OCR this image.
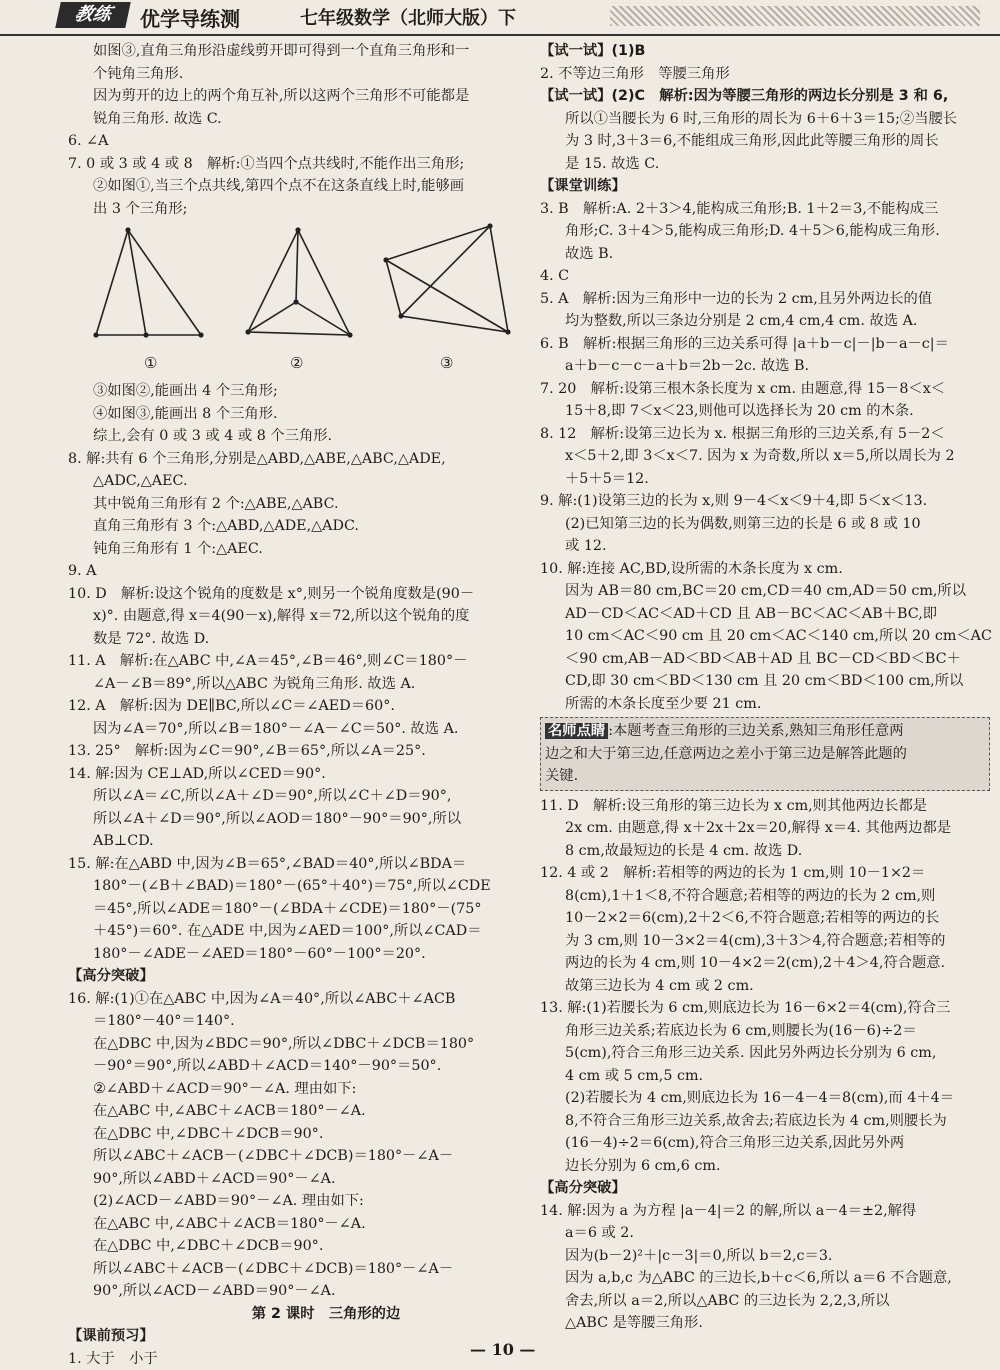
教练	优学导练测	七年级数学（北师大版）下
如图③,直角三角形沿虚线剪开即可得到一个直角三角形和一
个钝角三角形.
因为剪开的边上的两个角互补,所以这两个三角形不可能都是
锐角三角形. 故选 C.
6. ∠A
7. 0 或 3 或 4 或 8　解析:①当四个点共线时,不能作出三角形;
②如图①,当三个点共线,第四个点不在这条直线上时,能够画
出 3 个三角形;
①	②	③
③如图②,能画出 4 个三角形;
④如图③,能画出 8 个三角形.
综上,会有 0 或 3 或 4 或 8 个三角形.
8. 解:共有 6 个三角形,分别是△ABD,△ABE,△ABC,△ADE,
△ADC,△AEC.
其中锐角三角形有 2 个:△ABE,△ABC.
直角三角形有 3 个:△ABD,△ADE,△ADC.
钝角三角形有 1 个:△AEC.
9. A
10. D　解析:设这个锐角的度数是 x°,则另一个锐角度数是(90－
x)°. 由题意,得 x＝4(90－x),解得 x＝72,所以这个锐角的度
数是 72°. 故选 D.
11. A　解析:在△ABC 中,∠A＝45°,∠B＝46°,则∠C＝180°－
∠A－∠B＝89°,所以△ABC 为锐角三角形. 故选 A.
12. A　解析:因为 DE∥BC,所以∠C＝∠AED＝60°.
因为∠A＝70°,所以∠B＝180°－∠A－∠C＝50°. 故选 A.
13. 25°　解析:因为∠C＝90°,∠B＝65°,所以∠A＝25°.
14. 解:因为 CE⊥AD,所以∠CED＝90°.
所以∠A＝∠C,所以∠A＋∠D＝90°,所以∠C＋∠D＝90°,
所以∠A＋∠D＝90°,所以∠AOD＝180°－90°＝90°,所以
AB⊥CD.
15. 解:在△ABD 中,因为∠B＝65°,∠BAD＝40°,所以∠BDA＝
180°－(∠B＋∠BAD)＝180°－(65°＋40°)＝75°,所以∠CDE
＝45°,所以∠ADE＝180°－(∠BDA＋∠CDE)＝180°－(75°
＋45°)＝60°. 在△ADE 中,因为∠AED＝100°,所以∠CAD＝
180°－∠ADE－∠AED＝180°－60°－100°＝20°.
【高分突破】
16. 解:(1)①在△ABC 中,因为∠A＝40°,所以∠ABC＋∠ACB
＝180°－40°＝140°.
在△DBC 中,因为∠BDC＝90°,所以∠DBC＋∠DCB＝180°
－90°＝90°,所以∠ABD＋∠ACD＝140°－90°＝50°.
②∠ABD＋∠ACD＝90°－∠A. 理由如下:
在△ABC 中,∠ABC＋∠ACB＝180°－∠A.
在△DBC 中,∠DBC＋∠DCB＝90°.
所以∠ABC＋∠ACB－(∠DBC＋∠DCB)＝180°－∠A－
90°,所以∠ABD＋∠ACD＝90°－∠A.
(2)∠ACD－∠ABD＝90°－∠A. 理由如下:
在△ABC 中,∠ABC＋∠ACB＝180°－∠A.
在△DBC 中,∠DBC＋∠DCB＝90°.
所以∠ABC＋∠ACB－(∠DBC＋∠DCB)＝180°－∠A－
90°,所以∠ACD－∠ABD＝90°－∠A.
第 2 课时　三角形的边
【课前预习】
1. 大于　小于
【试一试】(1)B
2. 不等边三角形　等腰三角形
【试一试】(2)C　解析:因为等腰三角形的两边长分别是 3 和 6,
所以①当腰长为 6 时,三角形的周长为 6＋6＋3＝15;②当腰长
为 3 时,3＋3＝6,不能组成三角形,因此此等腰三角形的周长
是 15. 故选 C.
【课堂训练】
3. B　解析:A. 2＋3＞4,能构成三角形;B. 1＋2＝3,不能构成三
角形;C. 3＋4＞5,能构成三角形;D. 4＋5＞6,能构成三角形.
故选 B.
4. C
5. A　解析:因为三角形中一边的长为 2 cm,且另外两边长的值
均为整数,所以三条边分别是 2 cm,4 cm,4 cm. 故选 A.
6. B　解析:根据三角形的三边关系可得 |a＋b－c|－|b－a－c|＝
a＋b－c－c－a＋b＝2b－2c. 故选 B.
7. 20　解析:设第三根木条长度为 x cm. 由题意,得 15－8＜x＜
15＋8,即 7＜x＜23,则他可以选择长为 20 cm 的木条.
8. 12　解析:设第三边长为 x. 根据三角形的三边关系,有 5－2＜
x＜5＋2,即 3＜x＜7. 因为 x 为奇数,所以 x＝5,所以周长为 2
＋5＋5＝12.
9. 解:(1)设第三边的长为 x,则 9－4＜x＜9＋4,即 5＜x＜13.
(2)已知第三边的长为偶数,则第三边的长是 6 或 8 或 10
或 12.
10. 解:连接 AC,BD,设所需的木条长度为 x cm.
因为 AB＝80 cm,BC＝20 cm,CD＝40 cm,AD＝50 cm,所以
AD－CD＜AC＜AD＋CD 且 AB－BC＜AC＜AB＋BC,即
10 cm＜AC＜90 cm 且 20 cm＜AC＜140 cm,所以 20 cm＜AC
＜90 cm,AB－AD＜BD＜AB＋AD 且 BC－CD＜BD＜BC＋
CD,即 30 cm＜BD＜130 cm 且 20 cm＜BD＜100 cm,所以
所需的木条长度至少要 21 cm.
名师点睛 :本题考查三角形的三边关系,熟知三角形任意两
边之和大于第三边,任意两边之差小于第三边是解答此题的
关键.
11. D　解析:设三角形的第三边长为 x cm,则其他两边长都是
2x cm. 由题意,得 x＋2x＋2x＝20,解得 x＝4. 其他两边都是
8 cm,故最短边的长是 4 cm. 故选 D.
12. 4 或 2　解析:若相等的两边的长为 1 cm,则 10－1×2＝
8(cm),1＋1＜8,不符合题意;若相等的两边的长为 2 cm,则
10－2×2＝6(cm),2＋2＜6,不符合题意;若相等的两边的长
为 3 cm,则 10－3×2＝4(cm),3＋3＞4,符合题意;若相等的
两边的长为 4 cm,则 10－4×2＝2(cm),2＋4＞4,符合题意.
故第三边长为 4 cm 或 2 cm.
13. 解:(1)若腰长为 6 cm,则底边长为 16－6×2＝4(cm),符合三
角形三边关系;若底边长为 6 cm,则腰长为(16－6)÷2＝
5(cm),符合三角形三边关系. 因此另外两边长分别为 6 cm,
4 cm 或 5 cm,5 cm.
(2)若腰长为 4 cm,则底边长为 16－4－4＝8(cm),而 4＋4＝
8,不符合三角形三边关系,故舍去;若底边长为 4 cm,则腰长为
(16－4)÷2＝6(cm),符合三角形三边关系,因此另外两
边长分别为 6 cm,6 cm.
【高分突破】
14. 解:因为 a 为方程 |a－4|＝2 的解,所以 a－4＝±2,解得
a＝6 或 2.
因为(b－2)²＋|c－3|＝0,所以 b＝2,c＝3.
因为 a,b,c 为△ABC 的三边长,b＋c＜6,所以 a＝6 不合题意,
舍去,所以 a＝2,所以△ABC 的三边长为 2,2,3,所以
△ABC 是等腰三角形.
— 10 —
